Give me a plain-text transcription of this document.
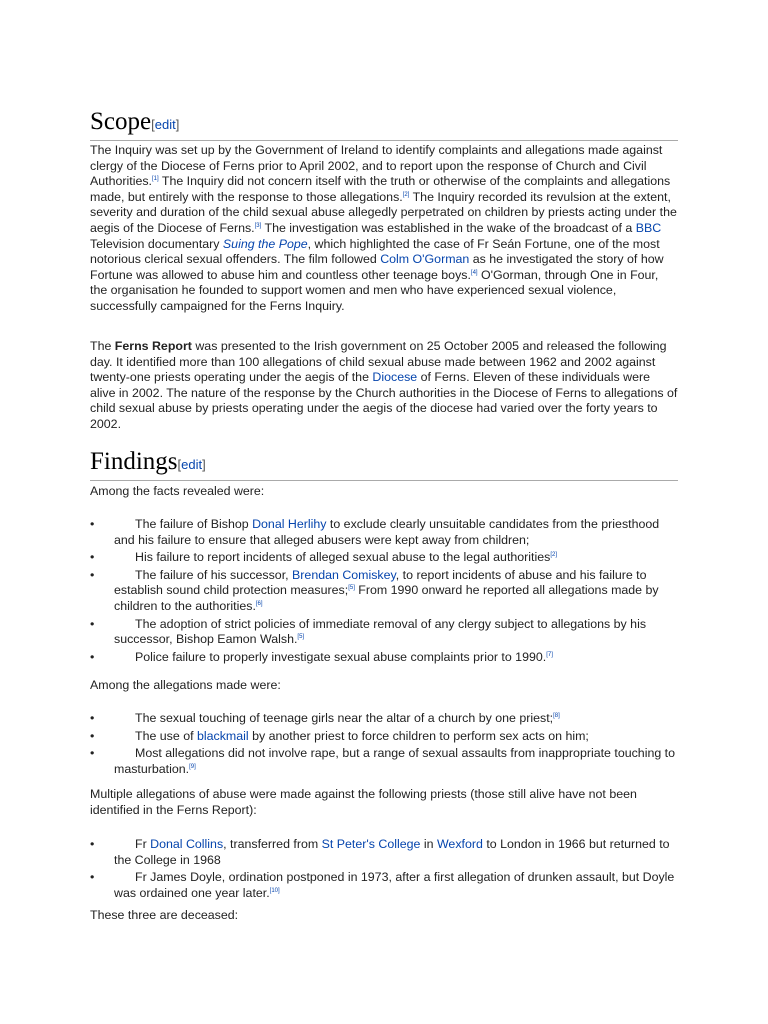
Scope[edit]

The Inquiry was set up by the Government of Ireland to identify complaints and allegations made against clergy of the Diocese of Ferns prior to April 2002, and to report upon the response of Church and Civil Authorities.[1] The Inquiry did not concern itself with the truth or otherwise of the complaints and allegations made, but entirely with the response to those allegations.[2] The Inquiry recorded its revulsion at the extent, severity and duration of the child sexual abuse allegedly perpetrated on children by priests acting under the aegis of the Diocese of Ferns.[3] The investigation was established in the wake of the broadcast of a BBC Television documentary Suing the Pope, which highlighted the case of Fr Seán Fortune, one of the most notorious clerical sexual offenders. The film followed Colm O'Gorman as he investigated the story of how Fortune was allowed to abuse him and countless other teenage boys.[4] O'Gorman, through One in Four, the organisation he founded to support women and men who have experienced sexual violence, successfully campaigned for the Ferns Inquiry.

The Ferns Report was presented to the Irish government on 25 October 2005 and released the following day. It identified more than 100 allegations of child sexual abuse made between 1962 and 2002 against twenty-one priests operating under the aegis of the Diocese of Ferns. Eleven of these individuals were alive in 2002. The nature of the response by the Church authorities in the Diocese of Ferns to allegations of child sexual abuse by priests operating under the aegis of the diocese had varied over the forty years to 2002.

Findings[edit]

Among the facts revealed were:

•	The failure of Bishop Donal Herlihy to exclude clearly unsuitable candidates from the priesthood and his failure to ensure that alleged abusers were kept away from children;
•	His failure to report incidents of alleged sexual abuse to the legal authorities[2]
•	The failure of his successor, Brendan Comiskey, to report incidents of abuse and his failure to establish sound child protection measures;[5] From 1990 onward he reported all allegations made by children to the authorities.[6]
•	The adoption of strict policies of immediate removal of any clergy subject to allegations by his successor, Bishop Eamon Walsh.[5]
•	Police failure to properly investigate sexual abuse complaints prior to 1990.[7]

Among the allegations made were:

•	The sexual touching of teenage girls near the altar of a church by one priest;[8]
•	The use of blackmail by another priest to force children to perform sex acts on him;
•	Most allegations did not involve rape, but a range of sexual assaults from inappropriate touching to masturbation.[9]

Multiple allegations of abuse were made against the following priests (those still alive have not been identified in the Ferns Report):

•	Fr Donal Collins, transferred from St Peter's College in Wexford to London in 1966 but returned to the College in 1968
•	Fr James Doyle, ordination postponed in 1973, after a first allegation of drunken assault, but Doyle was ordained one year later.[10]

These three are deceased:
